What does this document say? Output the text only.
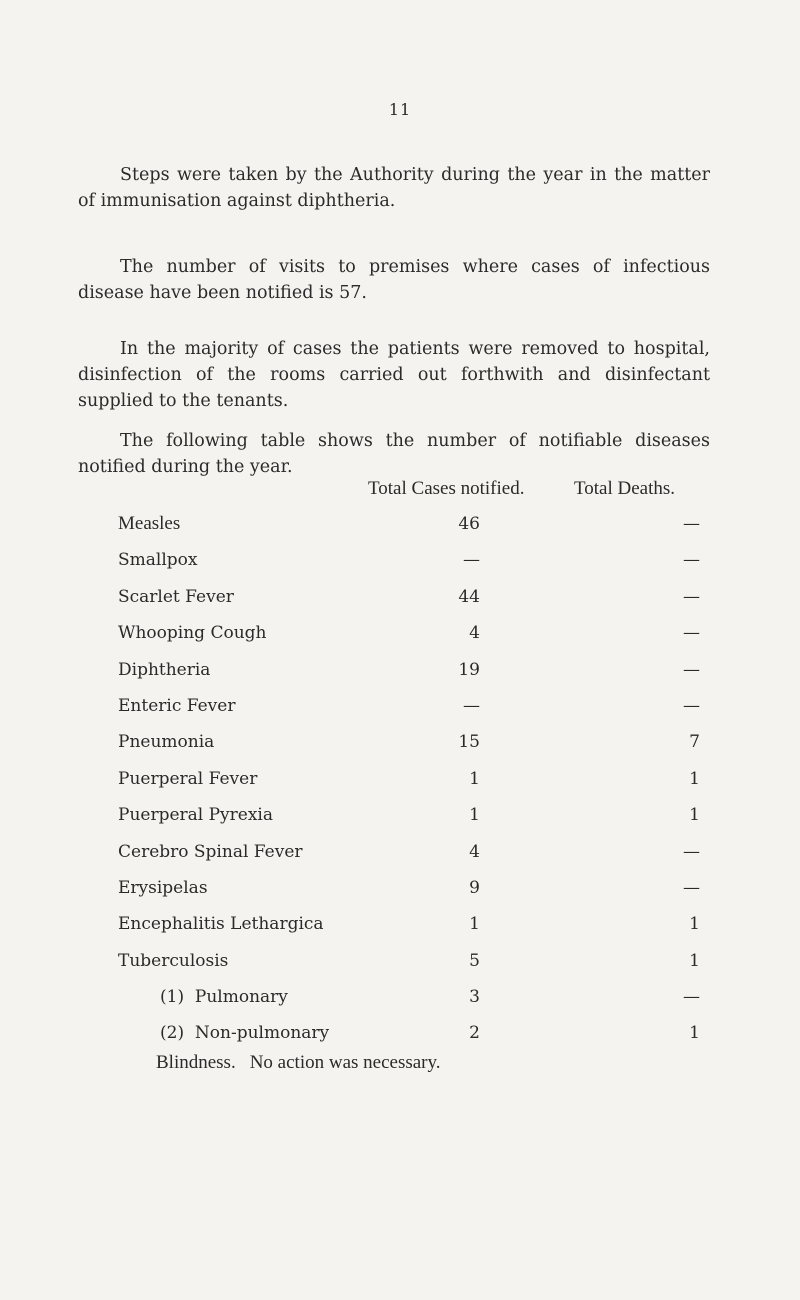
11

Steps were taken by the Authority during the year in the matter of immunisation against diphtheria.

The number of visits to premises where cases of infectious disease have been notified is 57.

In the majority of cases the patients were removed to hospital, disinfection of the rooms carried out forthwith and disinfectant supplied to the tenants.

The following table shows the number of notifiable diseases notified during the year.

Total Cases notified.	Total Deaths.
Measles	46	—
Smallpox	—	—
Scarlet Fever	44	—
Whooping Cough	4	—
Diphtheria	19	—
Enteric Fever	—	—
Pneumonia	15	7
Puerperal Fever	1	1
Puerperal Pyrexia	1	1
Cerebro Spinal Fever	4	—
Erysipelas	9	—
Encephalitis Lethargica	1	1
Tuberculosis	5	1
(1)  Pulmonary	3	—
(2)  Non-pulmonary	2	1
Blindness. No action was necessary.
